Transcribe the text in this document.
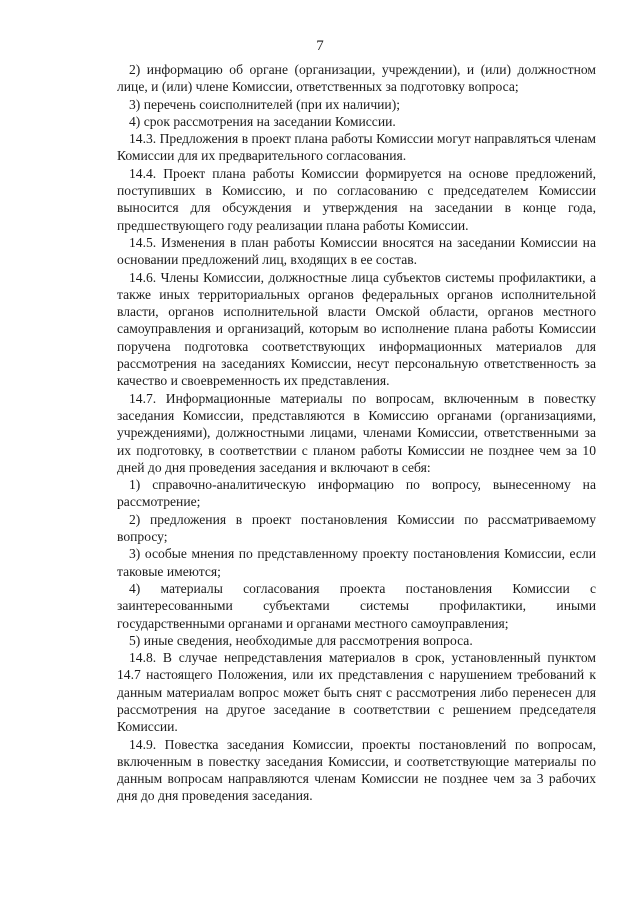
7

2) информацию об органе (организации, учреждении), и (или) должностном лице, и (или) члене Комиссии, ответственных за подготовку вопроса;

3) перечень соисполнителей (при их наличии);

4) срок рассмотрения на заседании Комиссии.

14.3. Предложения в проект плана работы Комиссии могут направляться членам Комиссии для их предварительного согласования.

14.4. Проект плана работы Комиссии формируется на основе предложений, поступивших в Комиссию, и по согласованию с председателем Комиссии выносится для обсуждения и утверждения на заседании в конце года, предшествующего году реализации плана работы Комиссии.

14.5. Изменения в план работы Комиссии вносятся на заседании Комиссии на основании предложений лиц, входящих в ее состав.

14.6. Члены Комиссии, должностные лица субъектов системы профилактики, а также иных территориальных органов федеральных органов исполнительной власти, органов исполнительной власти Омской области, органов местного самоуправления и организаций, которым во исполнение плана работы Комиссии поручена подготовка соответствующих информационных материалов для рассмотрения на заседаниях Комиссии, несут персональную ответственность за качество и своевременность их представления.

14.7. Информационные материалы по вопросам, включенным в повестку заседания Комиссии, представляются в Комиссию органами (организациями, учреждениями), должностными лицами, членами Комиссии, ответственными за их подготовку, в соответствии с планом работы Комиссии не позднее чем за 10 дней до дня проведения заседания и включают в себя:

1) справочно-аналитическую информацию по вопросу, вынесенному на рассмотрение;

2) предложения в проект постановления Комиссии по рассматриваемому вопросу;

3) особые мнения по представленному проекту постановления Комиссии, если таковые имеются;

4) материалы согласования проекта постановления Комиссии с заинтересованными субъектами системы профилактики, иными государственными органами и органами местного самоуправления;

5) иные сведения, необходимые для рассмотрения вопроса.

14.8. В случае непредставления материалов в срок, установленный пунктом 14.7 настоящего Положения, или их представления с нарушением требований к данным материалам вопрос может быть снят с рассмотрения либо перенесен для рассмотрения на другое заседание в соответствии с решением председателя Комиссии.

14.9. Повестка заседания Комиссии, проекты постановлений по вопросам, включенным в повестку заседания Комиссии, и соответствующие материалы по данным вопросам направляются членам Комиссии не позднее чем за 3 рабочих дня до дня проведения заседания.
